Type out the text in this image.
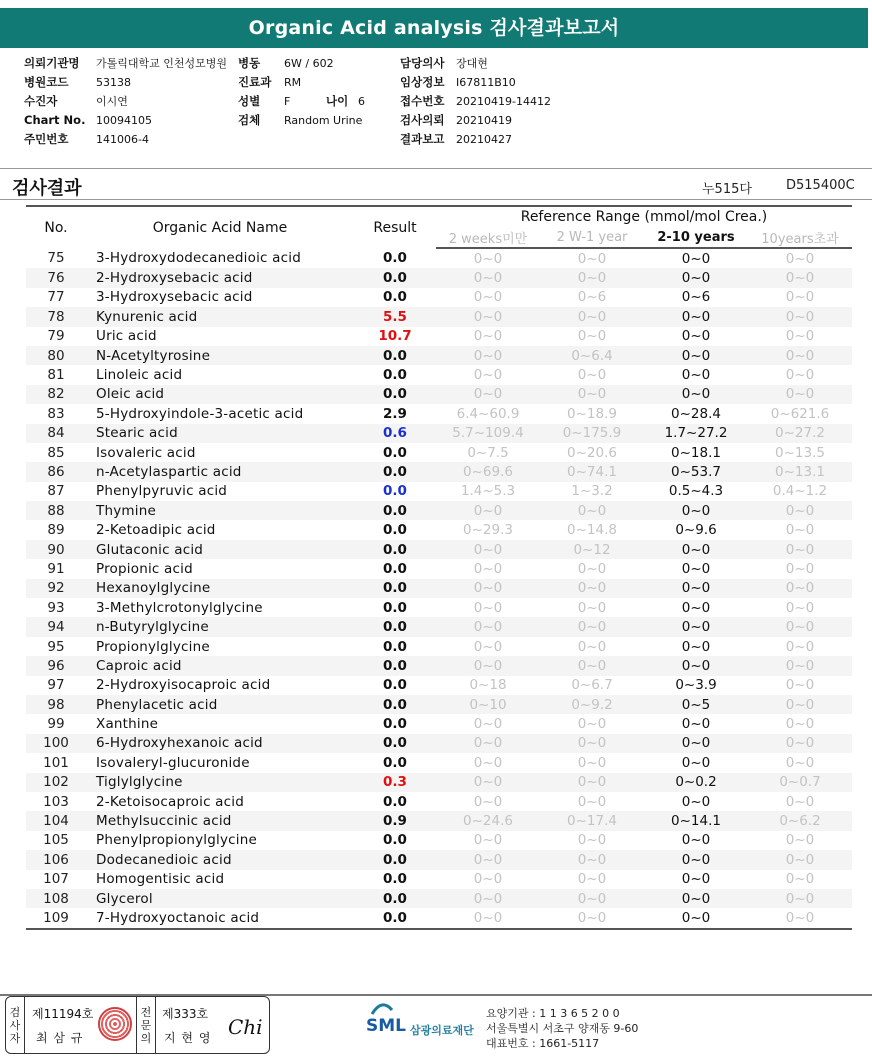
Organic Acid analysis 검사결과보고서
의뢰기관명 가톨릭대학교 인천성모병원
병원코드	53138
수진자	이시연
Chart No. 10094105
주민번호	141006-4
병동 6W / 602
진료과 RM
성별 F	나이 6
검체 Random Urine
담당의사 장대현
임상정보 I67811B10
접수번호 20210419-14412
검사의뢰 20210419
결과보고 20210427
검사결과	누515다	D515400C
No.	Organic Acid Name	Result	Reference Range (mmol/mol Crea.)			
			2 weeks미만	2 W-1 year	2-10 years	10years초과
75	3-Hydroxydodecanedioic acid	0.0	0~0	0~0	0~0	0~0
76	2-Hydroxysebacic acid	0.0	0~0	0~0	0~0	0~0
77	3-Hydroxysebacic acid	0.0	0~0	0~6	0~6	0~0
78	Kynurenic acid	5.5	0~0	0~0	0~0	0~0
79	Uric acid	10.7	0~0	0~0	0~0	0~0
80	N-Acetyltyrosine	0.0	0~0	0~6.4	0~0	0~0
81	Linoleic acid	0.0	0~0	0~0	0~0	0~0
82	Oleic acid	0.0	0~0	0~0	0~0	0~0
83	5-Hydroxyindole-3-acetic acid	2.9	6.4~60.9	0~18.9	0~28.4	0~621.6
84	Stearic acid	0.6	5.7~109.4	0~175.9	1.7~27.2	0~27.2
85	Isovaleric acid	0.0	0~7.5	0~20.6	0~18.1	0~13.5
86	n-Acetylaspartic acid	0.0	0~69.6	0~74.1	0~53.7	0~13.1
87	Phenylpyruvic acid	0.0	1.4~5.3	1~3.2	0.5~4.3	0.4~1.2
88	Thymine	0.0	0~0	0~0	0~0	0~0
89	2-Ketoadipic acid	0.0	0~29.3	0~14.8	0~9.6	0~0
90	Glutaconic acid	0.0	0~0	0~12	0~0	0~0
91	Propionic acid	0.0	0~0	0~0	0~0	0~0
92	Hexanoylglycine	0.0	0~0	0~0	0~0	0~0
93	3-Methylcrotonylglycine	0.0	0~0	0~0	0~0	0~0
94	n-Butyrylglycine	0.0	0~0	0~0	0~0	0~0
95	Propionylglycine	0.0	0~0	0~0	0~0	0~0
96	Caproic acid	0.0	0~0	0~0	0~0	0~0
97	2-Hydroxyisocaproic acid	0.0	0~18	0~6.7	0~3.9	0~0
98	Phenylacetic acid	0.0	0~10	0~9.2	0~5	0~0
99	Xanthine	0.0	0~0	0~0	0~0	0~0
100	6-Hydroxyhexanoic acid	0.0	0~0	0~0	0~0	0~0
101	Isovaleryl-glucuronide	0.0	0~0	0~0	0~0	0~0
102	Tiglylglycine	0.3	0~0	0~0	0~0.2	0~0.7
103	2-Ketoisocaproic acid	0.0	0~0	0~0	0~0	0~0
104	Methylsuccinic acid	0.9	0~24.6	0~17.4	0~14.1	0~6.2
105	Phenylpropionylglycine	0.0	0~0	0~0	0~0	0~0
106	Dodecanedioic acid	0.0	0~0	0~0	0~0	0~0
107	Homogentisic acid	0.0	0~0	0~0	0~0	0~0
108	Glycerol	0.0	0~0	0~0	0~0	0~0
109	7-Hydroxyoctanoic acid	0.0	0~0	0~0	0~0	0~0
검사자
제11194호
최 삼 규
전문의
제333호
지 현 영 Chi	SML 삼광의료재단
요양기관 : 1 1 3 6 5 2 0 0
서울특별시 서초구 양재동 9-60
대표번호 : 1661-5117
